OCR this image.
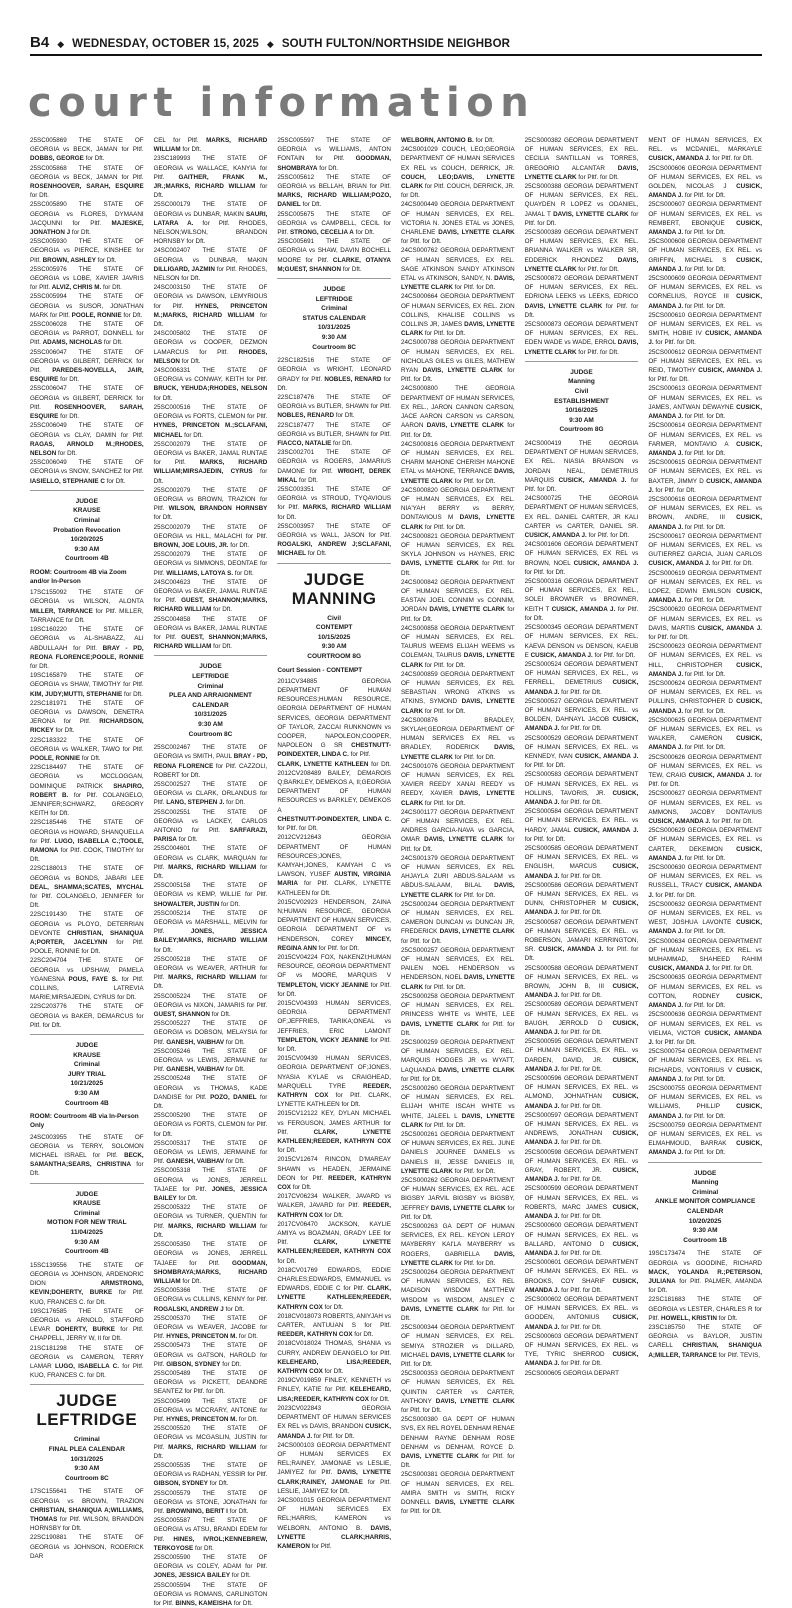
B4 ◆ WEDNESDAY, OCTOBER 15, 2025 ◆ SOUTH FULTON/NORTHSIDE NEIGHBOR
court information

25SC005869 THE STATE OF GEORGIA vs BECK, JAMAN for Pltf. DOBBS, GEORGE for Dft.

25SC005868 THE STATE OF GEORGIA vs BECK, JAMAN for Pltf. ROSENHOOVER, SARAH, ESQUIRE for Dft.

25SC005890 THE STATE OF GEORGIA vs FLORES, DYMAANI JACQUNNI for Pltf. MAJESKE, JONATHON J for Dft.

25SC005930 THE STATE OF GEORGIA vs PIERCE, KINSHEE for Pltf. BROWN, ASHLEY for Dft.

25SC005976 THE STATE OF GEORGIA vs LOBE, XAVIER JAVRIS for Pltf. ALVIZ, CHRIS M. for Dft.

25SC005994 THE STATE OF GEORGIA vs SUSOR, JONATHAN MARK for Pltf. POOLE, RONNIE for Dft.

25SC006028 THE STATE OF GEORGIA vs PARROT, DONNELL for Pltf. ADAMS, NICHOLAS for Dft.

25SC006047 THE STATE OF GEORGIA vs GILBERT, DERRICK for Pltf. PAREDES-NOVELLA, JAIR, ESQUIRE for Dft.

25SC006047 THE STATE OF GEORGIA vs GILBERT, DERRICK for Pltf. ROSENHOOVER, SARAH, ESQUIRE for Dft.

25SC006049 THE STATE OF GEORGIA vs CLAY, DAMIN for Pltf. RAGAS, ARNOLD M.;RHODES, NELSON for Dft.

25SC006049 THE STATE OF GEORGIA vs SNOW, SANCHEZ for Pltf. IASIELLO, STEPHANIE C for Dft.

JUDGE
KRAUSE
Criminal
Probation Revocation
10/20/2025
9:30 AM
Courtroom 4B

ROOM: Courtroom 4B via Zoom and/or In-Person

17SC155092 THE STATE OF GEORGIA vs WILSON, ALONTA MILLER, TARRANCE for Pltf. MILLER, TARRANCE for Dft.

19SC160220 THE STATE OF GEORGIA vs AL-SHABAZZ, ALI ABDULLAAH for Pltf. BRAY - PD, REONA FLORENCE;POOLE, RONNIE for Dft.

19SC165879 THE STATE OF GEORGIA vs SHAW, TIMOTHY for Pltf. KIM, JUDY;MUTTI, STEPHANIE for Dft.

22SC181971 THE STATE OF GEORGIA vs DAWSON, DENETRA JERONA for Pltf. RICHARDSON, RICKEY for Dft.

22SC183322 THE STATE OF GEORGIA vs WALKER, TAWO for Pltf. POOLE, RONNIE for Dft.

22SC184497 THE STATE OF GEORGIA vs MCCLOGGAN, DOMINIQUE PATRICK SHAPIRO, ROBERT B. for Pltf. COLANGELO, JENNIFER;SCHWARZ, GREGORY KEITH for Dft.

22SC185446 THE STATE OF GEORGIA vs HOWARD, SHANQUELLA for Pltf. LUGO, ISABELLA C.;TOOLE, RAMONA for Pltf. COOK, TIMOTHY for Dft.

22SC188013 THE STATE OF GEORGIA vs BONDS, JABARI LEE DEAL, SHAMMA;SCATES, MYCHAL for Pltf. COLANGELO, JENNIFER for Dft.

22SC191430 THE STATE OF GEORGIA vs PLOYO, DETERRIAN DEVONTE CHRISTIAN, SHANIQUA A;PORTER, JACELYNN for Pltf. POOLE, RONNIE for Dft.

22SC204704 THE STATE OF GEORGIA vs UPSHAW, PAMELA YGANESNA POUS, FAYE S. for Pltf. COLLINS, LATREVIA MARIE;MIRSAJEDIN, CYRUS for Dft.

22SC203776 THE STATE OF GEORGIA vs BAKER, DEMARCUS for Pltf. for Dft.

JUDGE
KRAUSE
Criminal
JURY TRIAL
10/21/2025
9:30 AM
Courtroom 4B

ROOM: Courtroom 4B via In-Person Only

24SC003955 THE STATE OF GEORGIA vs TERRY, SOLOMON MICHAEL ISRAEL for Pltf. BECK, SAMANTHA;SEARS, CHRISTINA for Dft.

JUDGE
KRAUSE
Criminal
MOTION FOR NEW TRIAL
11/04/2025
9:30 AM
Courtroom 4B

15SC139556 THE STATE OF GEORGIA vs JOHNSON, ARDENORIC DION ARMSTRONG, KEVIN;DOHERTY, BURKE for Pltf. KUO, FRANCES C. for Dft.

19SC176585 THE STATE OF GEORGIA vs ARNOLD, STAFFORD LEVAR DOHERTY, BURKE for Pltf. CHAPPELL, JERRY W, II for Dft.

21SC181298 THE STATE OF GEORGIA vs CAMERON, TERRY LAMAR LUGO, ISABELLA C. for Pltf. KUO, FRANCES C. for Dft.

JUDGE
LEFTRIDGE
Criminal
FINAL PLEA CALENDAR
10/31/2025
9:30 AM
Courtroom 8C

17SC155641 THE STATE OF GEORGIA vs BROWN, TRAZION CHRISTIAN, SHANIQUA A;WILLIAMS, THOMAS for Pltf. WILSON, BRANDON HORNSBY for Dft.

22SC190881 THE STATE OF GEORGIA vs JOHNSON, RODERICK DAR

CEL for Pltf. MARKS, RICHARD WILLIAM for Dft.

23SC189993 THE STATE OF GEORGIA vs WALLACE, KANYIA for Pltf. GAITHER, FRANK M., JR.;MARKS, RICHARD WILLIAM for Dft.

25SC000179 THE STATE OF GEORGIA vs DUNBAR, MAKIN SAURI, LATARA A. for Pltf. RHODES, NELSON;WILSON, BRANDON HORNSBY for Dft.

24SC002407 THE STATE OF GEORGIA vs DUNBAR, MAKIN DILLIGARD, JAZMIN for Pltf. RHODES, NELSON for Dft.

24SC003150 THE STATE OF GEORGIA vs DAWSON, LEMYRIOUS for Pltf. HYNES, PRINCETON M.;MARKS, RICHARD WILLIAM for Dft.

24SC005802 THE STATE OF GEORGIA vs COOPER, DEZMON LAMARCUS for Pltf. RHODES, NELSON for Dft.

24SC006331 THE STATE OF GEORGIA vs CONWAY, KEITH for Pltf. BRUCK, YEHUDA;RHODES, NELSON for Dft.

25SC000516 THE STATE OF GEORGIA vs FORTS, CLEMON for Pltf. HYNES, PRINCETON M.;SCLAFANI, MICHAEL for Dft.

25SC002079 THE STATE OF GEORGIA vs BAKER, JAMAL RUNTAE for Pltf. MARKS, RICHARD WILLIAM;MIRSAJEDIN, CYRUS for Dft.

25SC002079 THE STATE OF GEORGIA vs BROWN, TRAZION for Pltf. WILSON, BRANDON HORNSBY for Dft.

25SC002079 THE STATE OF GEORGIA vs HILL, MALACHI for Pltf. BROWN, JOE LOUIS, JR. for Dft.

25SC002079 THE STATE OF GEORGIA vs SIMMONS, DEONTAE for Pltf. WILLIAMS, LATOYA S. for Dft.

24SC004623 THE STATE OF GEORGIA vs BAKER, JAMAL RUNTAE for Pltf. GUEST, SHANNON;MARKS, RICHARD WILLIAM for Dft.

25SC004858 THE STATE OF GEORGIA vs BAKER, JAMAL RUNTAE for Pltf. GUEST, SHANNON;MARKS, RICHARD WILLIAM for Dft.

JUDGE
LEFTRIDGE
Criminal
PLEA AND ARRAIGNMENT CALENDAR
10/31/2025
9:30 AM
Courtroom 8C

25SC002467 THE STATE OF GEORGIA vs SMITH, PAUL BRAY - PD, REONA FLORENCE for Pltf. CAZZOLI, ROBERT for Dft.

25SC002527 THE STATE OF GEORGIA vs CLARK, ORLANDUS for Pltf. LANG, STEPHEN J. for Dft.

25SC002551 THE STATE OF GEORGIA vs LACKEY, CARLOS ANTONIO for Pltf. SARFARAZI, PARISA for Dft.

25SC004601 THE STATE OF GEORGIA vs CLARK, MARQUAN for Pltf. MARKS, RICHARD WILLIAM for Dft.

25SC005158 THE STATE OF GEORGIA vs KEMP, WILLIE for Pltf. SHOWALTER, JUSTIN for Dft.

25SC005214 THE STATE OF GEORGIA vs MARSHALL, MELVIN for Pltf. JONES, JESSICA BAILEY;MARKS, RICHARD WILLIAM for Dft.

25SC005218 THE STATE OF GEORGIA vs WEAVER, ARTHUR for Pltf. MARKS, RICHARD WILLIAM for Dft.

25SC005224 THE STATE OF GEORGIA vs NIXON, JAMARIS for Pltf. GUEST, SHANNON for Dft.

25SC005227 THE STATE OF GEORGIA vs DOBSON, MELAYSIA for Pltf. GANESH, VAIBHAV for Dft.

25SC005246 THE STATE OF GEORGIA vs LEWIS, JERMAINE for Pltf. GANESH, VAIBHAV for Dft.

25SC005248 THE STATE OF GEORGIA vs THOMAS, KADE DANDISE for Pltf. POZO, DANIEL for Dft.

25SC005290 THE STATE OF GEORGIA vs FORTS, CLEMON for Pltf. for Dft.

25SC005317 THE STATE OF GEORGIA vs LEWIS, JERMAINE for Pltf. GANESH, VAIBHAV for Dft.

25SC005318 THE STATE OF GEORGIA vs JONES, JERRELL TAJAEE for Pltf. JONES, JESSICA BAILEY for Dft.

25SC005322 THE STATE OF GEORGIA vs TURNER, QUENTIN for Pltf. MARKS, RICHARD WILLIAM for Dft.

25SC005350 THE STATE OF GEORGIA vs JONES, JERRELL TAJAEE for Pltf. GOODMAN, SHOMBRAYA;MARKS, RICHARD WILLIAM for Dft.

25SC005366 THE STATE OF GEORGIA vs CULLINS, KENNY for Pltf. ROGALSKI, ANDREW J for Dft.

25SC005370 THE STATE OF GEORGIA vs WEAVER, JACOBE for Pltf. HYNES, PRINCETON M. for Dft.

25SC005473 THE STATE OF GEORGIA vs GATSON, HAROLD for Pltf. GIBSON, SYDNEY for Dft.

25SC005489 THE STATE OF GEORGIA vs PICKETT, DEANDRE SEANTEZ for Pltf. for Dft.

25SC005499 THE STATE OF GEORGIA vs MCCRARY, ANTONE for Pltf. HYNES, PRINCETON M. for Dft.

25SC005520 THE STATE OF GEORGIA vs MCGASLIN, JUSTIN for Pltf. MARKS, RICHARD WILLIAM for Dft.

25SC005535 THE STATE OF GEORGIA vs RADHAN, YESSIR for Pltf. GIBSON, SYDNEY for Dft.

25SC005579 THE STATE OF GEORGIA vs STONE, JONATHAN for Pltf. BROWNING, BERIT I for Dft.

25SC005587 THE STATE OF GEORGIA vs ATSU, BRANDI EDEM for Pltf. HINES, IVROL;KENNEBREW, TERKOYOSE for Dft.

25SC005590 THE STATE OF GEORGIA vs COLEY, ADAM for Pltf. JONES, JESSICA BAILEY for Dft.

25SC005594 THE STATE OF GEORGIA vs ROMANS, CARLINGTON for Pltf. BINNS, KAMEISHA for Dft.

25SC005597 THE STATE OF GEORGIA vs WILLIAMS, ANTON FONTAIN for Pltf. GOODMAN, SHOMBRAYA for Dft.

25SC005612 THE STATE OF GEORGIA vs BELLAH, BRIAN for Pltf. MARKS, RICHARD WILLIAM;POZO, DANIEL for Dft.

25SC005675 THE STATE OF GEORGIA vs CAMPBELL, CECIL for Pltf. STRONG, CECELIA A for Dft.

25SC005691 THE STATE OF GEORGIA vs SHAW, DAVIN BOCHELL MOORE for Pltf. CLARKE, OTANYA M;GUEST, SHANNON for Dft.

JUDGE
LEFTRIDGE
Criminal
STATUS CALENDAR
10/31/2025
9:30 AM
Courtroom 8C

22SC182516 THE STATE OF GEORGIA vs WRIGHT, LEONARD GRADY for Pltf. NOBLES, RENARD for Dft.

22SC187476 THE STATE OF GEORGIA vs BUTLER, SHAWN for Pltf. NOBLES, RENARD for Dft.

22SC187477 THE STATE OF GEORGIA vs BUTLER, SHAWN for Pltf. FIACCO, NATALIE for Dft.

23SC002701 THE STATE OF GEORGIA vs ROGERS, JAMARIUS DAMONE for Pltf. WRIGHT, DEREK MIKAL for Dft.

25SC003351 THE STATE OF GEORGIA vs STROUD, TYQAVIOUS for Pltf. MARKS, RICHARD WILLIAM for Dft.

25SC003957 THE STATE OF GEORGIA vs WALL, JASON for Pltf. ROGALSKI, ANDREW J;SCLAFANI, MICHAEL for Dft.

JUDGE
MANNING
Civil
CONTEMPT
10/15/2025
9:30 AM
COURTROOM 8G

Court Session - CONTEMPT

2011CV34885 GEORGIA DEPARTMENT OF HUMAN RESOURCES;HUMAN RESOURCE, GEORGIA DEPARTMENT OF HUMAN SERVICES, GEORGIA DEPARTMENT OF TAYLOR, ZACCAI RUNKNOWN vs COOPER, NAPOLEON;COOPER, NAPOLEON G SR CHESTNUTT-POINDEXTER, LINDA C. for Pltf.

CLARK, LYNETTE KATHLEEN for Dft. 2012CV208489 BAILEY, DEMAROIS Q;BARKLEY, DEMEKOS A, II;GEORGIA DEPARTMENT OF HUMAN RESOURCES vs BARKLEY, DEMEKOS A

CHESTNUTT-POINDEXTER, LINDA C. for Pltf. for Dft.

2012CV212643 GEORGIA DEPARTMENT OF HUMAN RESOURCES;JONES, KAMYAH;JONES, KAMYAH C vs LAWSON, YUSEF AUSTIN, VIRGINIA MARIA for Pltf. CLARK, LYNETTE KATHLEEN for Dft.

2015CV02923 HENDERSON, ZAINA N;HUMAN RESOURCE, GEORGIA DEPARTMENT OF HUMAN SERVICES, GEORGIA DEPARTMENT OF vs HENDERSON, COREY MINCEY, REGINA ANN for Pltf. for Dft.

2015CV04224 FOX, NAKENZI;HUMAN RESOURCE, GEORGIA DEPARTMENT OF vs MOORE, MARQUIS V TEMPLETON, VICKY JEANINE for Pltf. for Dft.

2015CV04393 HUMAN SERVICES, GEORGIA DEPARTMENT OF;JEFFRIES, TARIKA;ONEAL vs JEFFRIES, ERIC LAMONT TEMPLETON, VICKY JEANINE for Pltf. for Dft.

2015CV09439 HUMAN SERVICES, GEORGIA DEPARTMENT OF;JONES, NYASIA KYLAE vs CRAIGHEAD, MARQUELL TYRE REEDER, KATHRYN COX for Pltf. CLARK, LYNETTE KATHLEEN for Dft.

2015CV12122 KEY, DYLAN MICHAEL vs FERGUSON, JAMES ARTHUR for Pltf. CLARK, LYNETTE KATHLEEN;REEDER, KATHRYN COX for Dft.

2015CV12674 RINCON, D'MAREAY SHAWN vs HEADEN, JERMAINE DEON for Pltf. REEDER, KATHRYN COX for Dft.

2017CV06234 WALKER, JAVARD vs WALKER, JAVARD for Pltf. REEDER, KATHRYN COX for Dft.

2017CV06470 JACKSON, KAYLIE AMIYA vs BOAZMAN, GRADY LEE for Pltf. CLARK, LYNETTE KATHLEEN;REEDER, KATHRYN COX for Dft.

2018CV01769 EDWARDS, EDDIE CHARLES;EDWARDS, EMMANUEL vs EDWARDS, EDDIE C for Pltf. CLARK, LYNETTE KATHLEEN;REEDER, KATHRYN COX for Dft.

2018CV018073 ROBERTS, ANIYJAH vs CARTER, ANTUUAN S for Pltf. REEDER, KATHRYN COX for Dft.

2018CV018024 THOMAS, SHANIA vs CURRY, ANDREW DEANGELO for Pltf. KELEHEARD, LISA;REEDER, KATHRYN COX for Dft.

2019CV019859 FINLEY, KENNETH vs FINLEY, KATIE for Pltf. KELEHEARD, LISA;REEDER, KATHRYN COX for Dft.

2023CV022843 GEORGIA DEPARTMENT OF HUMAN SERVICES EX REL vs DAVIS, BRANDON CUSICK, AMANDA J. for Pltf. for Dft.

24CS000103 GEORGIA DEPARTMENT OF HUMAN SERVICES EX REL;RAINEY, JAMONAE vs LESLIE, JAMIYEZ for Pltf. DAVIS, LYNETTE CLARK;RAINEY, JAMONAE for Pltf. LESLIE, JAMIYEZ for Dft.

24CS001015 GEORGIA DEPARTMENT OF HUMAN SERVICES EX REL;HARRIS, KAMERON vs WELBORN, ANTONIO B. DAVIS, LYNETTE CLARK;HARRIS, KAMERON for Pltf.

WELBORN, ANTONIO B. for Dft.

24CS001029 COUCH, LEO;GEORGIA DEPARTMENT OF HUMAN SERVICES EX REL vs COUCH, DERRICK, JR. COUCH, LEO;DAVIS, LYNETTE CLARK for Pltf. COUCH, DERRICK, JR. for Dft.

24CS000449 GEORGIA DEPARTMENT OF HUMAN SERVICES, EX REL. VICTORIA N. JONES ETAL vs JONES, CHARLENE DAVIS, LYNETTE CLARK for Pltf. for Dft.

24CS000762 GEORGIA DEPARTMENT OF HUMAN SERVICES, EX REL. SAGE ATKINSON SANDY ATKINSON ETAL vs ATKINSON, SANDY, N. DAVIS, LYNETTE CLARK for Pltf. for Dft.

24CS000664 GEORGIA DEPARTMENT OF HUMAN SERVICES, EX REL. ZION COLLINS, KHALISE COLLINS vs COLLINS JR, JAMES DAVIS, LYNETTE CLARK for Pltf. for Dft.

24CS000788 GEORGIA DEPARTMENT OF HUMAN SERVICES, EX REL. NICHOLAS GILES vs GILES, MATHEW RYAN DAVIS, LYNETTE CLARK for Pltf. for Dft.

24CS000800 THE GEORGIA DEPARTMENT OF HUMAN SERVICES, EX REL., JARON CANNON CARSON, JACE AARON CARSON vs CARSON, AARON DAVIS, LYNETTE CLARK for Pltf. for Dft.

24CS000816 GEORGIA DEPARTMENT OF HUMAN SERVICES, EX REL. CHARM MAHONE CHERISH MAHONE ETAL vs MAHONE, TERRANCE DAVIS, LYNETTE CLARK for Pltf. for Dft.

24CS000820 GEORGIA DEPARTMENT OF HUMAN SERVICES, EX REL. NIA'YAH BERRY vs BERRY, DONTAVIOUS M DAVIS, LYNETTE CLARK for Pltf. for Dft.

24CS000821 GEORGIA DEPARTMENT OF HUMAN SERVICES, EX REL SKYLA JOHNSON vs HAYNES, ERIC DAVIS, LYNETTE CLARK for Pltf. for Dft.

24CS000842 GEORGIA DEPARTMENT OF HUMAN SERVICES, EX REL. EASTAN JOEL CONNIM vs CONNIM, JORDAN DAVIS, LYNETTE CLARK for Pltf. for Dft.

24CS000858 GEORGIA DEPARTMENT OF HUMAN SERVICES, EX REL. TAURUS WEEMS ELIJAH WEEMS vs COLEMAN, TAURUS DAVIS, LYNETTE CLARK for Pltf. for Dft.

24CS000859 GEORGIA DEPARTMENT OF HUMAN SERVICES, EX REL SEBASTIAN WRONG ATKINS vs ATKINS, SYMOND DAVIS, LYNETTE CLARK for Pltf. for Dft.

24CS000876 BRADLEY, SKYLAH;GEORGIA DEPARTMENT OF HUMAN SERVICES EX REL vs BRADLEY, RODERICK DAVIS, LYNETTE CLARK for Pltf. for Dft.

24CS001076 GEORGIA DEPARTMENT OF HUMAN SERVICES, EX REL XAVIER REEDY XANAI REEDY vs REEDY, XAVIER DAVIS, LYNETTE CLARK for Pltf. for Dft.

24CS001177 GEORGIA DEPARTMENT OF HUMAN SERVICES, EX REL. ANDRES GARCIA-NAVA vs GARCIA, OMAR DAVIS, LYNETTE CLARK for Pltf. for Dft.

24CS001379 GEORGIA DEPARTMENT OF HUMAN SERVICES, EX REL AHJAYLA ZURI ABDUS-SALAAM vs ABDUS-SALAAM, BILAL DAVIS, LYNETTE CLARK for Pltf. for Dft.

25CS000244 GEORGIA DEPARTMENT OF HUMAN SERVICES, EX REL. CAMERON DUNCAN vs DUNCAN JR, FREDERICK DAVIS, LYNETTE CLARK for Pltf. for Dft.

25CS000257 GEORGIA DEPARTMENT OF HUMAN SERVICES, EX REL. PAILEN NOEL HENDERSON vs HENDERSON, NOEL DAVIS, LYNETTE CLARK for Pltf. for Dft.

25CS000258 GEORGIA DEPARTMENT OF HUMAN SERVICES, EX REL. PRINCESS WHITE vs WHITE, LEE DAVIS, LYNETTE CLARK for Pltf. for Dft.

25CS000259 GEORGIA DEPARTMENT OF HUMAN SERVICES, EX REL. MARQUIS HODGES JR vs WYATT, LAQUANDA DAVIS, LYNETTE CLARK for Pltf. for Dft.

25CS000260 GEORGIA DEPARTMENT OF HUMAN SERVICES, EX REL. ELIJAH WHITE ISCAH WHITE vs WHITE, JALEEL L DAVIS, LYNETTE CLARK for Pltf. for Dft.

25CS000261 GEORGIA DEPARTMENT OF HUMAN SERVICES, EX REL. JUNE DANIELS JOURNEE DANIELS vs DANIELS III, JESSE DANIELS III, LYNETTE CLARK for Pltf. for Dft.

25CS000262 GEORGIA DEPARTMENT OF HUMAN SERVICES, EX REL. ACE BIGSBY JARVIL BIGSBY vs BIGSBY, JEFFREY DAVIS, LYNETTE CLARK for Pltf. for Dft.

25CS000263 GA DEPT OF HUMAN SERVICES, EX REL. KEYON LEROY MAYBERRY KAI'LA MAYBERRY vs ROGERS, GABRIELLA DAVIS, LYNETTE CLARK for Pltf. for Dft.

25CS000264 GEORGIA DEPARTMENT OF HUMAN SERVICES, EX REL MADISON WISDOM MATTHEW WISDOM vs WISDOM, ANSLEY C DAVIS, LYNETTE CLARK for Pltf. for Dft.

25CS000344 GEORGIA DEPARTMENT OF HUMAN SERVICES, EX REL. SEMIYA STROZIER vs DILLARD, MICHAEL DAVIS, LYNETTE CLARK for Pltf. for Dft.

25CS000353 GEORGIA DEPARTMENT OF HUMAN SERVICES, EX REL QUINTIN CARTER vs CARTER, ANTHONY DAVIS, LYNETTE CLARK for Pltf. for Dft.

25CS000380 GA DEPT OF HUMAN SVS, EX REL ROYEL DENHAM RENAE DENHAM RAYNE DENHAM ROSE DENHAM vs DENHAM, ROYCE D. DAVIS, LYNETTE CLARK for Pltf. for Dft.

25CS000381 GEORGIA DEPARTMENT OF HUMAN SERVICES, EX REL. AMIRA SMITH vs SMITH, RICKY DONNELL DAVIS, LYNETTE CLARK for Pltf. for Dft.

25CS000382 GEORGIA DEPARTMENT OF HUMAN SERVICES, EX REL. CECILIA SANTILLAN vs TORRES, GREGORIO ALCANTAR DAVIS, LYNETTE CLARK for Pltf. for Dft.

25CS000388 GEORGIA DEPARTMENT OF HUMAN SERVICES, EX REL. QUAYDEN R LOPEZ vs ODANIEL, JAMAL T DAVIS, LYNETTE CLARK for Pltf. for Dft.

25CS000389 GEORGIA DEPARTMENT OF HUMAN SERVICES, EX REL. BRIANNA WALKER vs WALKER SR, EDDERICK RHONDEZ DAVIS, LYNETTE CLARK for Pltf. for Dft.

25CS000872 GEORGIA DEPARTMENT OF HUMAN SERVICES, EX REL. EDRIONA LEEKS vs LEEKS, EDRICO DAVIS, LYNETTE CLARK for Pltf. for Dft.

25CS000873 GEORGIA DEPARTMENT OF HUMAN SERVICES, EX REL. EDEN WADE vs WADE, ERROL DAVIS, LYNETTE CLARK for Pltf. for Dft.

JUDGE
Manning
Civil
ESTABLISHMENT
10/16/2025
9:30 AM
Courtroom 8G

24CS000419 THE GEORGIA DEPARTMENT OF HUMAN SERVICES, EX REL. NIASIA BRANSON vs JORDAN NEAL, DEMETRIUS MARQUIS CUSICK, AMANDA J. for Pltf. for Dft.

24CS000725 THE GEORGIA DEPARTMENT OF HUMAN SERVICES, EX REL. DANIEL CARTER, JR KALI CARTER vs CARTER, DANIEL SR. CUSICK, AMANDA J. for Pltf. for Dft.

24CS001606 GEORGIA DEPARTMENT OF HUMAN SERVICES, EX REL vs BROWN, NOEL CUSICK, AMANDA J. for Pltf. for Dft.

25CS000316 GEORGIA DEPARTMENT OF HUMAN SERVICES, EX REL., SOLEI BROWNER vs BROWNER, KEITH T CUSICK, AMANDA J. for Pltf. for Dft.

25CS000345 GEORGIA DEPARTMENT OF HUMAN SERVICES, EX REL. KAEVA DENSON vs DENSON, KAEUB E CUSICK, AMANDA J. for Pltf. for Dft.

25CS000524 GEORGIA DEPARTMENT OF HUMAN SERVICES, EX REL., vs FERRELL, DEMETRIUS CUSICK, AMANDA J. for Pltf. for Dft.

25CS000527 GEORGIA DEPARTMENT OF HUMAN SERVICES, EX REL. vs BOLDEN, DAHNAYL JACOB CUSICK, AMANDA J. for Pltf. for Dft.

25CS000529 GEORGIA DEPARTMENT OF HUMAN SERVICES, EX REL. vs KENNEDY, IVAN CUSICK, AMANDA J. for Pltf. for Dft.

25CS000583 GEORGIA DEPARTMENT OF HUMAN SERVICES, EX REL. vs HOLLINS, TAVORIS, JR. CUSICK, AMANDA J. for Pltf. for Dft.

25CS000584 GEORGIA DEPARTMENT OF HUMAN SERVICES, EX REL. vs HARDY, JAMAL CUSICK, AMANDA J. for Pltf. for Dft.

25CS000585 GEORGIA DEPARTMENT OF HUMAN SERVICES, EX REL. vs ENGLISH, MARCUS CUSICK, AMANDA J. for Pltf. for Dft.

25CS000586 GEORGIA DEPARTMENT OF HUMAN SERVICES, EX REL. vs DUNN, CHRISTOPHER M CUSICK, AMANDA J. for Pltf. for Dft.

25CS000587 GEORGIA DEPARTMENT OF HUMAN SERVICES, EX REL. vs ROBERSON, JAMARI KERRINGTON, SR. CUSICK, AMANDA J. for Pltf. for Dft.

25CS000588 GEORGIA DEPARTMENT OF HUMAN SERVICES, EX REL. vs BROWN, JOHN B, III CUSICK, AMANDA J. for Pltf. for Dft.

25CS000589 GEORGIA DEPARTMENT OF HUMAN SERVICES, EX REL. vs BAUGH, JERROLD D CUSICK, AMANDA J. for Pltf. for Dft.

25CS000595 GEORGIA DEPARTMENT OF HUMAN SERVICES, EX REL. vs DARDEN, DAVID, JR. CUSICK, AMANDA J. for Pltf. for Dft.

25CS000596 GEORGIA DEPARTMENT OF HUMAN SERVICES, EX REL. vs ALMOND, JOHNATHAN CUSICK, AMANDA J. for Pltf. for Dft.

25CS000597 GEORGIA DEPARTMENT OF HUMAN SERVICES, EX REL. vs ANDREWS, JONATHAN CUSICK, AMANDA J. for Pltf. for Dft.

25CS000598 GEORGIA DEPARTMENT OF HUMAN SERVICES, EX REL. vs GRAY, ROBERT, JR. CUSICK, AMANDA J. for Pltf. for Dft.

25CS000599 GEORGIA DEPARTMENT OF HUMAN SERVICES, EX REL. vs ROBERTS, MARC JAMES CUSICK, AMANDA J. for Pltf. for Dft.

25CS000600 GEORGIA DEPARTMENT OF HUMAN SERVICES, EX REL. vs BALLARD, ANTONIO D CUSICK, AMANDA J. for Pltf. for Dft.

25CS000601 GEORGIA DEPARTMENT OF HUMAN SERVICES, EX REL. vs BROOKS, COY SHARIF CUSICK, AMANDA J. for Pltf. for Dft.

25CS000602 GEORGIA DEPARTMENT OF HUMAN SERVICES, EX REL. vs GOODEN, ANTONIUS CUSICK, AMANDA J. for Pltf. for Dft.

25CS000603 GEORGIA DEPARTMENT OF HUMAN SERVICES, EX REL. vs TYE, TYRIC SHERROD CUSICK, AMANDA J. for Pltf. for Dft.

25CS000605 GEORGIA DEPART

MENT OF HUMAN SERVICES, EX REL. vs MCDANIEL, MARKAYLE CUSICK, AMANDA J. for Pltf. for Dft.

25CS000606 GEORGIA DEPARTMENT OF HUMAN SERVICES, EX REL. vs GOLDEN, NICOLAS J CUSICK, AMANDA J. for Pltf. for Dft.

25CS000607 GEORGIA DEPARTMENT OF HUMAN SERVICES, EX REL. vs REMBERT, EBONIQUE CUSICK, AMANDA J. for Pltf. for Dft.

25CS000608 GEORGIA DEPARTMENT OF HUMAN SERVICES, EX REL. vs GRIFFIN, MICHAEL S CUSICK, AMANDA J. for Pltf. for Dft.

25CS000609 GEORGIA DEPARTMENT OF HUMAN SERVICES, EX REL. vs CORNELIUS, ROYCE III CUSICK, AMANDA J. for Pltf. for Dft.

25CS000610 GEORGIA DEPARTMENT OF HUMAN SERVICES, EX REL. vs SMITH, HOBIE IV CUSICK, AMANDA J. for Pltf. for Dft.

25CS000612 GEORGIA DEPARTMENT OF HUMAN SERVICES, EX REL. vs REID, TIMOTHY CUSICK, AMANDA J. for Pltf. for Dft.

25CS000613 GEORGIA DEPARTMENT OF HUMAN SERVICES, EX REL. vs JAMES, ANTWAN DEWAYNE CUSICK, AMANDA J. for Pltf. for Dft.

25CS000614 GEORGIA DEPARTMENT OF HUMAN SERVICES, EX REL. vs FARMER, MONTAVIO A CUSICK, AMANDA J. for Pltf. for Dft.

25CS000615 GEORGIA DEPARTMENT OF HUMAN SERVICES, EX REL. vs BAXTER, JIMMY D CUSICK, AMANDA J. for Pltf. for Dft.

25CS000616 GEORGIA DEPARTMENT OF HUMAN SERVICES, EX REL. vs BROWN, ANDRE, III CUSICK, AMANDA J. for Pltf. for Dft.

25CS000617 GEORGIA DEPARTMENT OF HUMAN SERVICES, EX REL. vs GUTIERREZ GARCIA, JUAN CARLOS CUSICK, AMANDA J. for Pltf. for Dft.

25CS000619 GEORGIA DEPARTMENT OF HUMAN SERVICES, EX REL. vs LOPEZ, EDWIN EMILSON CUSICK, AMANDA J. for Pltf. for Dft.

25CS000620 GEORGIA DEPARTMENT OF HUMAN SERVICES, EX REL. vs DAVIS, MARTIS CUSICK, AMANDA J. for Pltf. for Dft.

25CS000623 GEORGIA DEPARTMENT OF HUMAN SERVICES, EX REL. vs HILL, CHRISTOPHER CUSICK, AMANDA J. for Pltf. for Dft.

25CS000624 GEORGIA DEPARTMENT OF HUMAN SERVICES, EX REL. vs PULLINS, CHRISTOPHER D CUSICK, AMANDA J. for Pltf. for Dft.

25CS000625 GEORGIA DEPARTMENT OF HUMAN SERVICES, EX REL. vs WALKER, CAMERON CUSICK, AMANDA J. for Pltf. for Dft.

25CS000626 GEORGIA DEPARTMENT OF HUMAN SERVICES, EX REL. vs TEW, CRAIG CUSICK, AMANDA J. for Pltf. for Dft.

25CS000627 GEORGIA DEPARTMENT OF HUMAN SERVICES, EX REL. vs AMMONS, JACOBY DONTAVIUS CUSICK, AMANDA J. for Pltf. for Dft.

25CS000629 GEORGIA DEPARTMENT OF HUMAN SERVICES, EX REL. vs CARTER, DEKEIMON CUSICK, AMANDA J. for Pltf. for Dft.

25CS000630 GEORGIA DEPARTMENT OF HUMAN SERVICES, EX REL. vs RUSSELL, TRACY CUSICK, AMANDA J. for Pltf. for Dft.

25CS000632 GEORGIA DEPARTMENT OF HUMAN SERVICES, EX REL. vs WEST, JOSHUA LAVONTE CUSICK, AMANDA J. for Pltf. for Dft.

25CS000634 GEORGIA DEPARTMENT OF HUMAN SERVICES, EX REL. vs MUHAMMAD, SHAHEED RAHIM CUSICK, AMANDA J. for Pltf. for Dft.

25CS000635 GEORGIA DEPARTMENT OF HUMAN SERVICES, EX REL. vs COTTON, RODNEY CUSICK, AMANDA J. for Pltf. for Dft.

25CS000636 GEORGIA DEPARTMENT OF HUMAN SERVICES, EX REL. vs VIELMA, VICTOR CUSICK, AMANDA J. for Pltf. for Dft.

25CS000754 GEORGIA DEPARTMENT OF HUMAN SERVICES, EX REL. vs RICHARDS, VONTORIUS V CUSICK, AMANDA J. for Pltf. for Dft.

25CS000755 GEORGIA DEPARTMENT OF HUMAN SERVICES, EX REL. vs WILLIAMS, PHILLIP CUSICK, AMANDA J. for Pltf. for Dft.

25CS000759 GEORGIA DEPARTMENT OF HUMAN SERVICES, EX REL. vs ELMAHMOUD, BARRAK CUSICK, AMANDA J. for Pltf. for Dft.

JUDGE
Manning
Criminal
ANKLE MONITOR COMPLIANCE CALENDAR
10/20/2025
9:30 AM
Courtroom 1B

19SC173474 THE STATE OF GEORGIA vs GOODINE, RICHARD MACK, YOLANDA R.;PETERSON, JULIANA for Pltf. PALMER, AMANDA for Dft.

22SC181683 THE STATE OF GEORGIA vs LESTER, CHARLES R for Pltf. HOWELL, KRISTIN for Dft.

23SC185750 THE STATE OF GEORGIA vs BAYLOR, JUSTIN CARELL CHRISTIAN, SHANIQUA A;MILLER, TARRANCE for Pltf. TEVIS,
